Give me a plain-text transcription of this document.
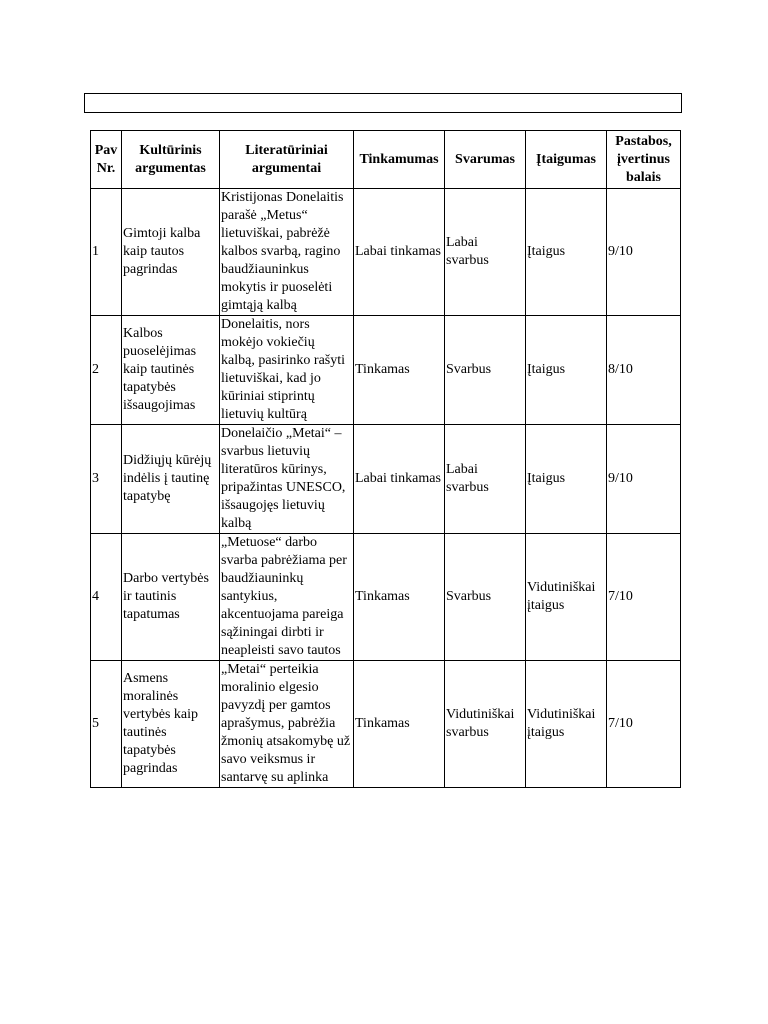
Pav Nr.	Kultūrinis argumentas	Literatūriniai argumentai	Tinkamumas	Svarumas	Įtaigumas	Pastabos, įvertinus balais
1	Gimtoji kalba kaip tautos pagrindas	Kristijonas Donelaitis parašė „Metus“ lietuviškai, pabrėžė kalbos svarbą, ragino baudžiauninkus mokytis ir puoselėti gimtąją kalbą	Labai tinkamas	Labai svarbus	Įtaigus	9/10
2	Kalbos puoselėjimas kaip tautinės tapatybės išsaugojimas	Donelaitis, nors mokėjo vokiečių kalbą, pasirinko rašyti lietuviškai, kad jo kūriniai stiprintų lietuvių kultūrą	Tinkamas	Svarbus	Įtaigus	8/10
3	Didžiųjų kūrėjų indėlis į tautinę tapatybę	Donelaičio „Metai“ – svarbus lietuvių literatūros kūrinys, pripažintas UNESCO, išsaugojęs lietuvių kalbą	Labai tinkamas	Labai svarbus	Įtaigus	9/10
4	Darbo vertybės ir tautinis tapatumas	„Metuose“ darbo svarba pabrėžiama per baudžiauninkų santykius, akcentuojama pareiga sąžiningai dirbti ir neapleisti savo tautos	Tinkamas	Svarbus	Vidutiniškai įtaigus	7/10
5	Asmens moralinės vertybės kaip tautinės tapatybės pagrindas	„Metai“ perteikia moralinio elgesio pavyzdį per gamtos aprašymus, pabrėžia žmonių atsakomybę už savo veiksmus ir santarvę su aplinka	Tinkamas	Vidutiniškai svarbus	Vidutiniškai įtaigus	7/10
